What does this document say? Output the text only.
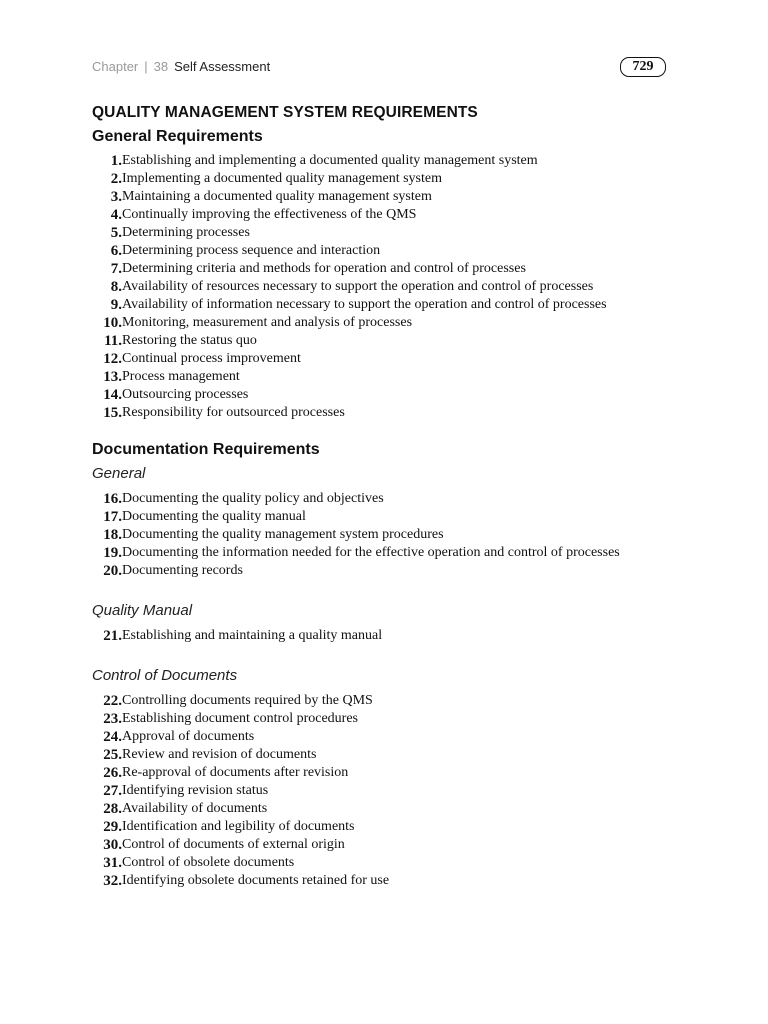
Chapter | 38 Self Assessment	729
QUALITY MANAGEMENT SYSTEM REQUIREMENTS
General Requirements
1. Establishing and implementing a documented quality management system
2. Implementing a documented quality management system
3. Maintaining a documented quality management system
4. Continually improving the effectiveness of the QMS
5. Determining processes
6. Determining process sequence and interaction
7. Determining criteria and methods for operation and control of processes
8. Availability of resources necessary to support the operation and control of processes
9. Availability of information necessary to support the operation and control of processes
10. Monitoring, measurement and analysis of processes
11. Restoring the status quo
12. Continual process improvement
13. Process management
14. Outsourcing processes
15. Responsibility for outsourced processes
Documentation Requirements
General
16. Documenting the quality policy and objectives
17. Documenting the quality manual
18. Documenting the quality management system procedures
19. Documenting the information needed for the effective operation and control of processes
20. Documenting records
Quality Manual
21. Establishing and maintaining a quality manual
Control of Documents
22. Controlling documents required by the QMS
23. Establishing document control procedures
24. Approval of documents
25. Review and revision of documents
26. Re-approval of documents after revision
27. Identifying revision status
28. Availability of documents
29. Identification and legibility of documents
30. Control of documents of external origin
31. Control of obsolete documents
32. Identifying obsolete documents retained for use
